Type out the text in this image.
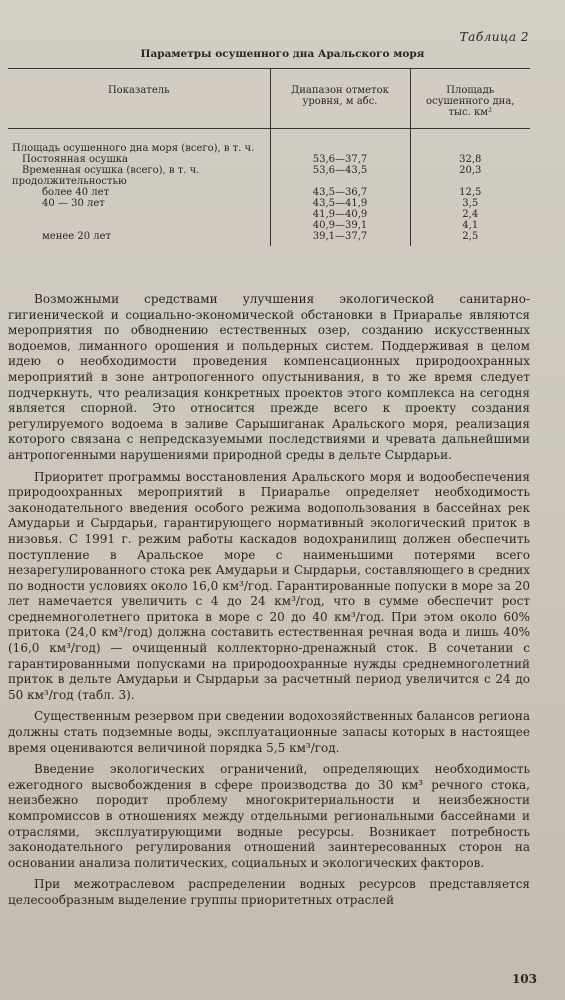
Таблица 2
Параметры осушенного дна Аральского моря
Показатель	Диапазон отметок уровня, м абс.	Площадь осушенного дна, тыс. км²
Площадь осушенного дна моря (всего), в т. ч.		
Постоянная осушка	53,6—37,7	32,8
Временная осушка (всего), в т. ч.	53,6—43,5	20,3
продолжительностью		
более 40 лет	43,5—36,7	12,5
40 — 30 лет	43,5—41,9	3,5
	41,9—40,9	2,4
	40,9—39,1	4,1
менее 20 лет	39,1—37,7	2,5

Возможными средствами улучшения экологической санитарно-гигиенической и социально-экономической обстановки в Приаралье являются мероприятия по обводнению естественных озер, созданию искусственных водоемов, лиманного орошения и польдерных систем. Поддерживая в целом идею о необходимости проведения компенсационных природоохранных мероприятий в зоне антропогенного опустынивания, в то же время следует подчеркнуть, что реализация конкретных проектов этого комплекса на сегодня является спорной. Это относится прежде всего к проекту создания регулируемого водоема в заливе Сарышиганак Аральского моря, реализация которого связана с непредсказуемыми последствиями и чревата дальнейшими антропогенными нарушениями природной среды в дельте Сырдарьи.

Приоритет программы восстановления Аральского моря и водообеспечения природоохранных мероприятий в Приаралье определяет необходимость законодательного введения особого режима водопользования в бассейнах рек Амударьи и Сырдарьи, гарантирующего нормативный экологический приток в низовья. С 1991 г. режим работы каскадов водохранилищ должен обеспечить поступление в Аральское море с наименьшими потерями всего незарегулированного стока рек Амударьи и Сырдарьи, составляющего в средних по водности условиях около 16,0 км³/год. Гарантированные попуски в море за 20 лет намечается увеличить с 4 до 24 км³/год, что в сумме обеспечит рост среднемноголетнего притока в море с 20 до 40 км³/год. При этом около 60% притока (24,0 км³/год) должна составить естественная речная вода и лишь 40% (16,0 км³/год) — очищенный коллекторно-дренажный сток. В сочетании с гарантированными попусками на природоохранные нужды среднемноголетний приток в дельте Амударьи и Сырдарьи за расчетный период увеличится с 24 до 50 км³/год (табл. 3).

Существенным резервом при сведении водохозяйственных балансов региона должны стать подземные воды, эксплуатационные запасы которых в настоящее время оцениваются величиной порядка 5,5 км³/год.

Введение экологических ограничений, определяющих необходимость ежегодного высвобождения в сфере производства до 30 км³ речного стока, неизбежно породит проблему многокритериальности и неизбежности компромиссов в отношениях между отдельными региональными бассейнами и отраслями, эксплуатирующими водные ресурсы. Возникает потребность законодательного регулирования отношений заинтересованных сторон на основании анализа политических, социальных и экологических факторов.

При межотраслевом распределении водных ресурсов представляется целесообразным выделение группы приоритетных отраслей

103
